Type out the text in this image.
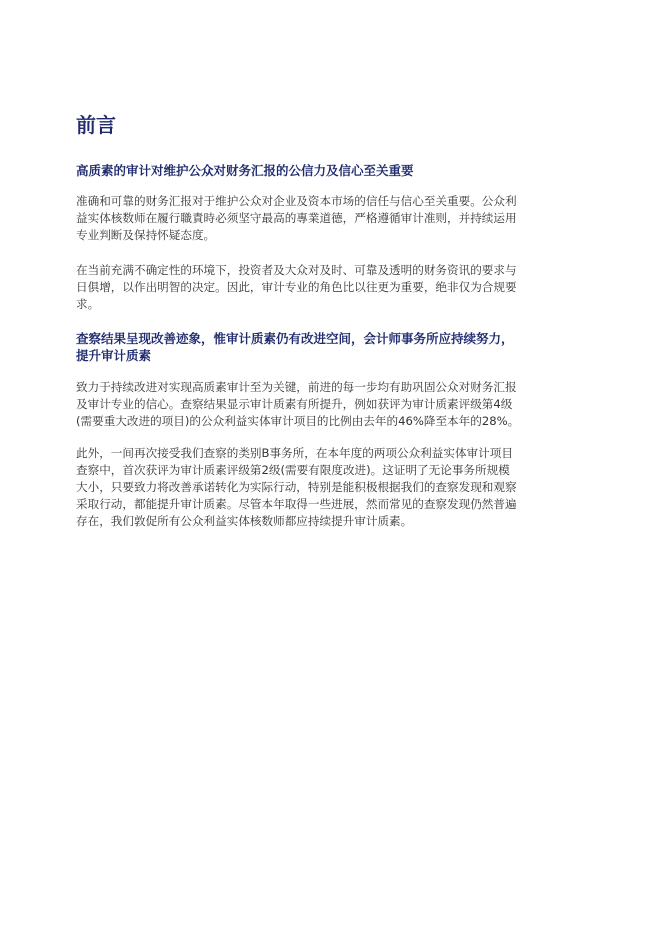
前言
高质素的审计对维护公众对财务汇报的公信力及信心至关重要
准确和可靠的财务汇报对于维护公众对企业及资本市场的信任与信心至关重要。公众利
益实体核数师在履行職責時必须坚守最高的專業道德，严格遵循审计准则，并持续运用
专业判断及保持怀疑态度。
在当前充满不确定性的环境下，投资者及大众对及时、可靠及透明的财务资讯的要求与
日俱增，以作出明智的决定。因此，审计专业的角色比以往更为重要，绝非仅为合规要
求。
查察结果呈现改善迹象，惟审计质素仍有改进空间，会计师事务所应持续努力，
提升审计质素
致力于持续改进对实现高质素审计至为关键，前进的每一步均有助巩固公众对财务汇报
及审计专业的信心。查察结果显示审计质素有所提升，例如获评为审计质素评级第4级
(需要重大改进的项目)的公众利益实体审计项目的比例由去年的46%降至本年的28%。
此外，一间再次接受我们查察的类别B事务所，在本年度的两项公众利益实体审计项目
查察中，首次获评为审计质素评级第2级(需要有限度改进)。这证明了无论事务所规模
大小，只要致力将改善承诺转化为实际行动，特别是能积极根据我们的查察发现和观察
采取行动，都能提升审计质素。尽管本年取得一些进展，然而常见的查察发现仍然普遍
存在，我们敦促所有公众利益实体核数师都应持续提升审计质素。
